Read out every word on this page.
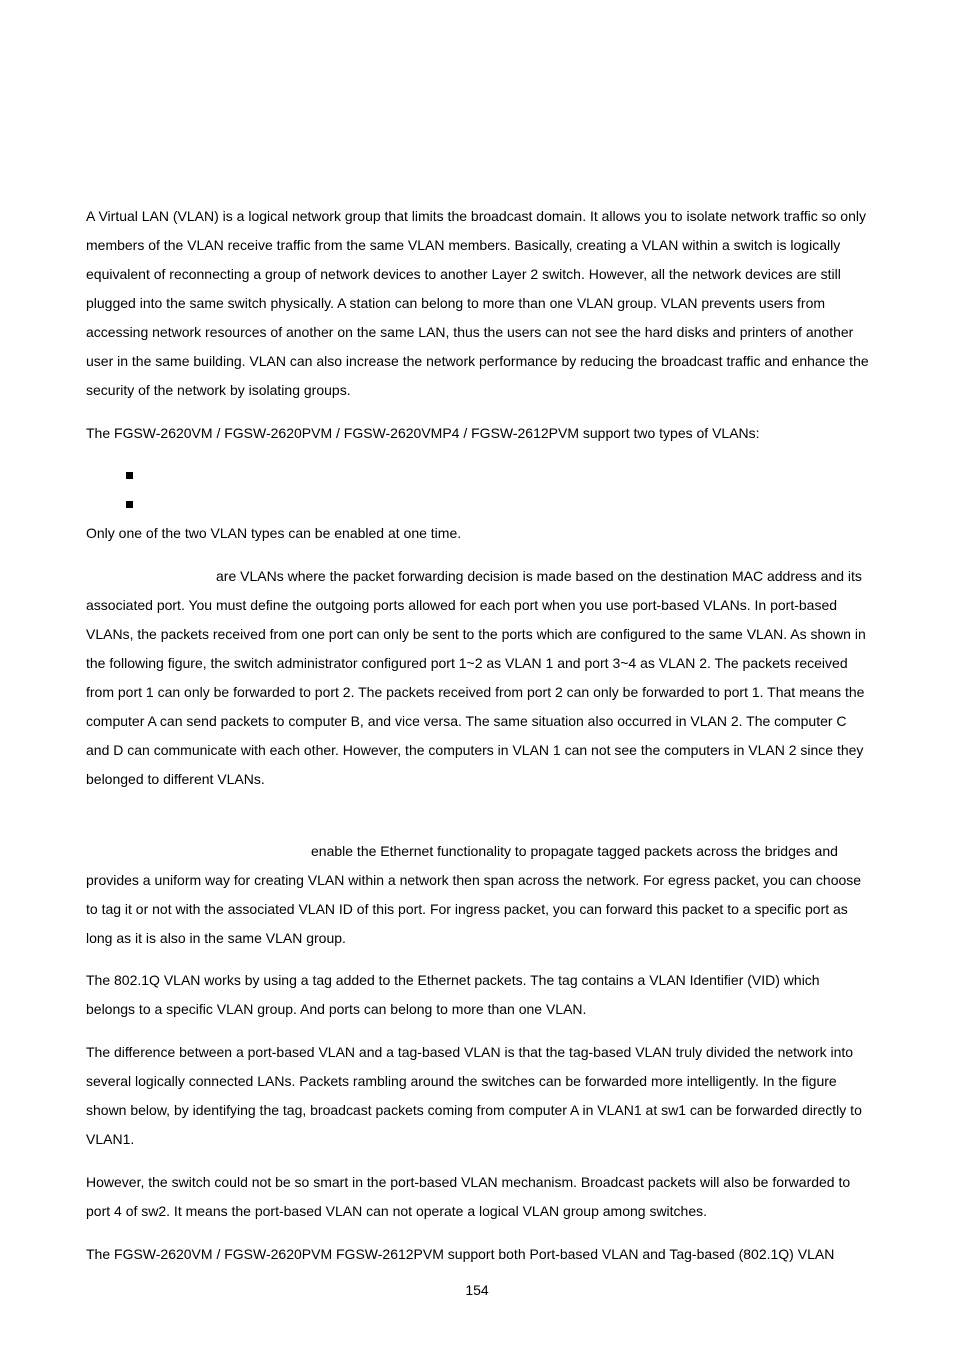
A Virtual LAN (VLAN) is a logical network group that limits the broadcast domain. It allows you to isolate network traffic so only members of the VLAN receive traffic from the same VLAN members. Basically, creating a VLAN within a switch is logically equivalent of reconnecting a group of network devices to another Layer 2 switch. However, all the network devices are still plugged into the same switch physically. A station can belong to more than one VLAN group. VLAN prevents users from accessing network resources of another on the same LAN, thus the users can not see the hard disks and printers of another user in the same building. VLAN can also increase the network performance by reducing the broadcast traffic and enhance the security of the network by isolating groups.

The FGSW-2620VM / FGSW-2620PVM / FGSW-2620VMP4 / FGSW-2612PVM support two types of VLANs:

Only one of the two VLAN types can be enabled at one time.

are VLANs where the packet forwarding decision is made based on the destination MAC address and its associated port. You must define the outgoing ports allowed for each port when you use port-based VLANs. In port-based VLANs, the packets received from one port can only be sent to the ports which are configured to the same VLAN. As shown in the following figure, the switch administrator configured port 1~2 as VLAN 1 and port 3~4 as VLAN 2. The packets received from port 1 can only be forwarded to port 2. The packets received from port 2 can only be forwarded to port 1. That means the computer A can send packets to computer B, and vice versa. The same situation also occurred in VLAN 2. The computer C and D can communicate with each other. However, the computers in VLAN 1 can not see the computers in VLAN 2 since they belonged to different VLANs.

enable the Ethernet functionality to propagate tagged packets across the bridges and provides a uniform way for creating VLAN within a network then span across the network. For egress packet, you can choose to tag it or not with the associated VLAN ID of this port. For ingress packet, you can forward this packet to a specific port as long as it is also in the same VLAN group.

The 802.1Q VLAN works by using a tag added to the Ethernet packets. The tag contains a VLAN Identifier (VID) which belongs to a specific VLAN group. And ports can belong to more than one VLAN.

The difference between a port-based VLAN and a tag-based VLAN is that the tag-based VLAN truly divided the network into several logically connected LANs. Packets rambling around the switches can be forwarded more intelligently. In the figure shown below, by identifying the tag, broadcast packets coming from computer A in VLAN1 at sw1 can be forwarded directly to VLAN1.

However, the switch could not be so smart in the port-based VLAN mechanism. Broadcast packets will also be forwarded to port 4 of sw2. It means the port-based VLAN can not operate a logical VLAN group among switches.

The FGSW-2620VM / FGSW-2620PVM FGSW-2612PVM support both Port-based VLAN and Tag-based (802.1Q) VLAN

154
